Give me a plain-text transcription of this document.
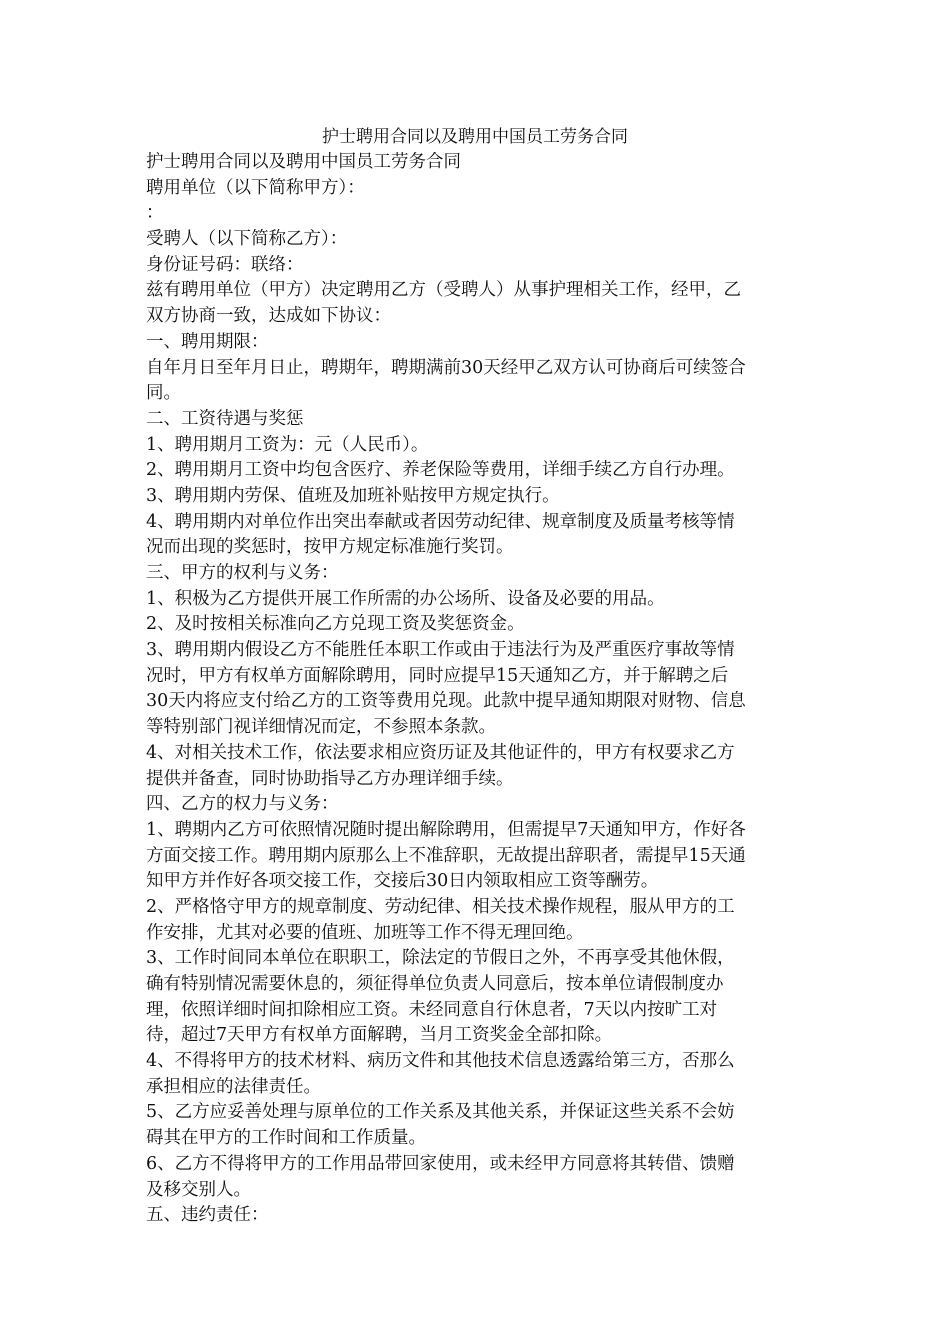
护士聘用合同以及聘用中国员工劳务合同
护士聘用合同以及聘用中国员工劳务合同
聘用单位（以下简称甲方）：
：
受聘人（以下简称乙方）：
身份证号码：联络：
兹有聘用单位（甲方）决定聘用乙方（受聘人）从事护理相关工作，经甲，乙
双方协商一致，达成如下协议：
一、聘用期限：
自年月日至年月日止，聘期年，聘期满前30天经甲乙双方认可协商后可续签合
同。
二、工资待遇与奖惩
1、聘用期月工资为：元（人民币）。
2、聘用期月工资中均包含医疗、养老保险等费用，详细手续乙方自行办理。
3、聘用期内劳保、值班及加班补贴按甲方规定执行。
4、聘用期内对单位作出突出奉献或者因劳动纪律、规章制度及质量考核等情
况而出现的奖惩时，按甲方规定标准施行奖罚。
三、甲方的权利与义务：
1、积极为乙方提供开展工作所需的办公场所、设备及必要的用品。
2、及时按相关标准向乙方兑现工资及奖惩资金。
3、聘用期内假设乙方不能胜任本职工作或由于违法行为及严重医疗事故等情
况时，甲方有权单方面解除聘用，同时应提早15天通知乙方，并于解聘之后
30天内将应支付给乙方的工资等费用兑现。此款中提早通知期限对财物、信息
等特别部门视详细情况而定，不参照本条款。
4、对相关技术工作，依法要求相应资历证及其他证件的，甲方有权要求乙方
提供并备查，同时协助指导乙方办理详细手续。
四、乙方的权力与义务：
1、聘期内乙方可依照情况随时提出解除聘用，但需提早7天通知甲方，作好各
方面交接工作。聘用期内原那么上不准辞职，无故提出辞职者，需提早15天通
知甲方并作好各项交接工作，交接后30日内领取相应工资等酬劳。
2、严格恪守甲方的规章制度、劳动纪律、相关技术操作规程，服从甲方的工
作安排，尤其对必要的值班、加班等工作不得无理回绝。
3、工作时间同本单位在职职工，除法定的节假日之外，不再享受其他休假，
确有特别情况需要休息的，须征得单位负责人同意后，按本单位请假制度办
理，依照详细时间扣除相应工资。未经同意自行休息者，7天以内按旷工对
待，超过7天甲方有权单方面解聘，当月工资奖金全部扣除。
4、不得将甲方的技术材料、病历文件和其他技术信息透露给第三方，否那么
承担相应的法律责任。
5、乙方应妥善处理与原单位的工作关系及其他关系，并保证这些关系不会妨
碍其在甲方的工作时间和工作质量。
6、乙方不得将甲方的工作用品带回家使用，或未经甲方同意将其转借、馈赠
及移交别人。
五、违约责任：
